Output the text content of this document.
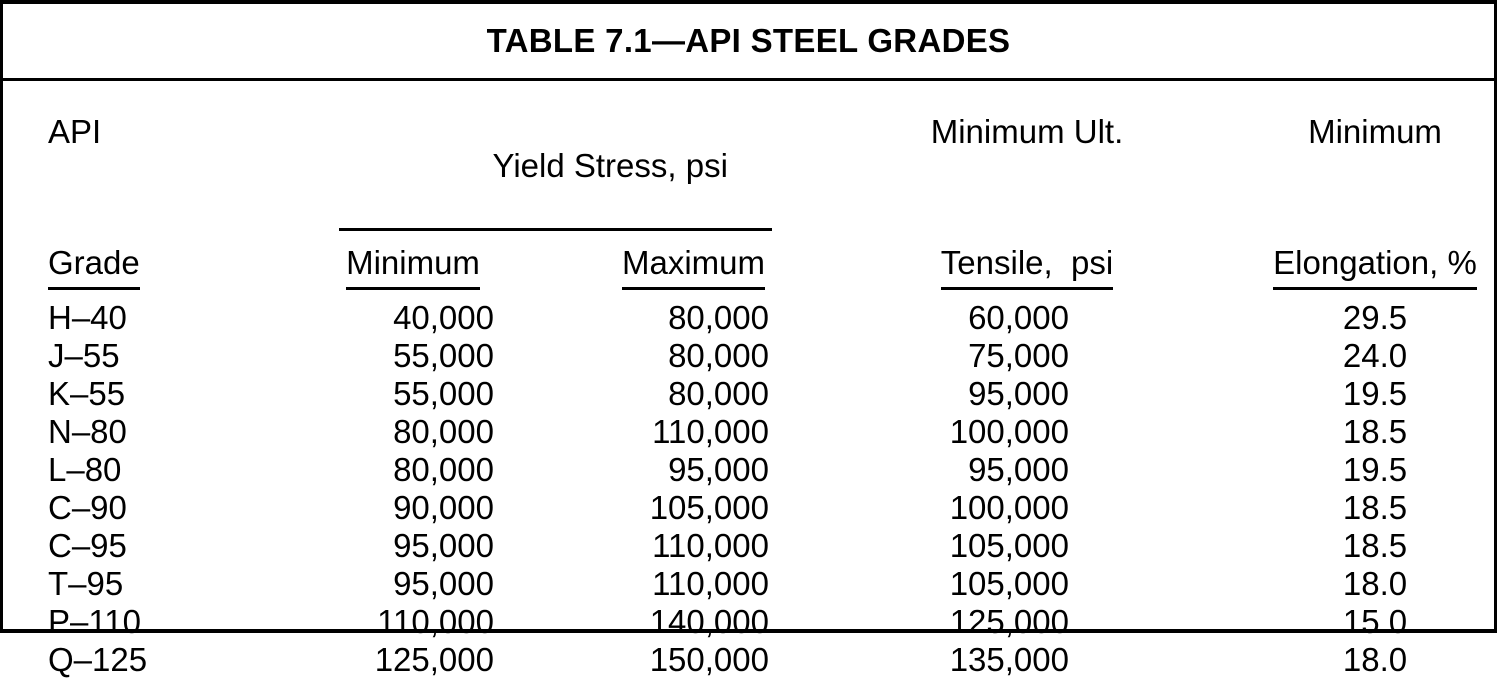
TABLE 7.1—API STEEL GRADES
API	Yield Stress, psi		Minimum Ult.	Minimum
Grade	Minimum	Maximum	Tensile,  psi	Elongation, %
H–40	40,000	80,000	60,000	29.5
J–55	55,000	80,000	75,000	24.0
K–55	55,000	80,000	95,000	19.5
N–80	80,000	110,000	100,000	18.5
L–80	80,000	95,000	95,000	19.5
C–90	90,000	105,000	100,000	18.5
C–95	95,000	110,000	105,000	18.5
T–95	95,000	110,000	105,000	18.0
P–110	110,000	140,000	125,000	15.0
Q–125	125,000	150,000	135,000	18.0
